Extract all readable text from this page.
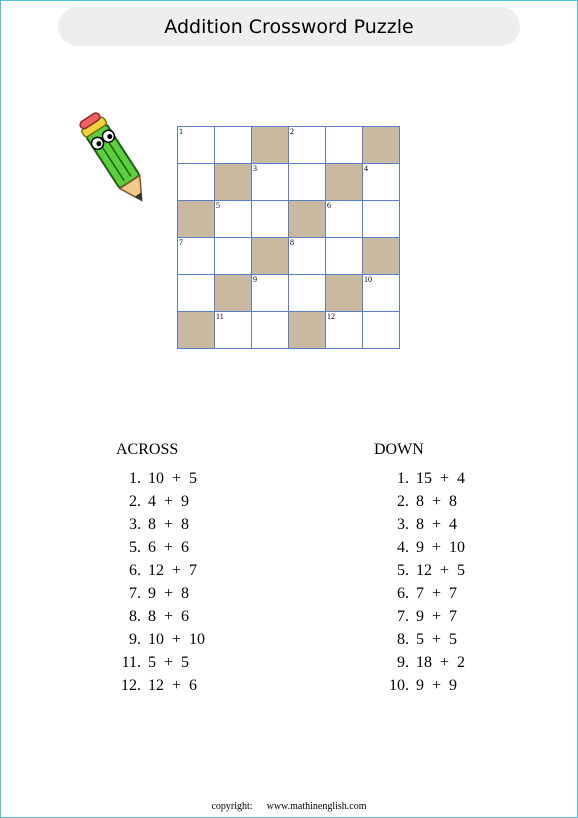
Addition Crossword Puzzle
1	2
3	4
5	6
7	8
9	10
11	12
ACROSS
1. 10  +  5
2. 4  +  9
3. 8  +  8
5. 6  +  6
6. 12  +  7
7. 9  +  8
8. 8  +  6
9. 10  +  10
11. 5  +  5
12. 12  +  6
DOWN
1. 15  +  4
2. 8  +  8
3. 8  +  4
4. 9  +  10
5. 12  +  5
6. 7  +  7
7. 9  +  7
8. 5  +  5
9. 18  +  2
10. 9  +  9
copyright: www.mathinenglish.com
